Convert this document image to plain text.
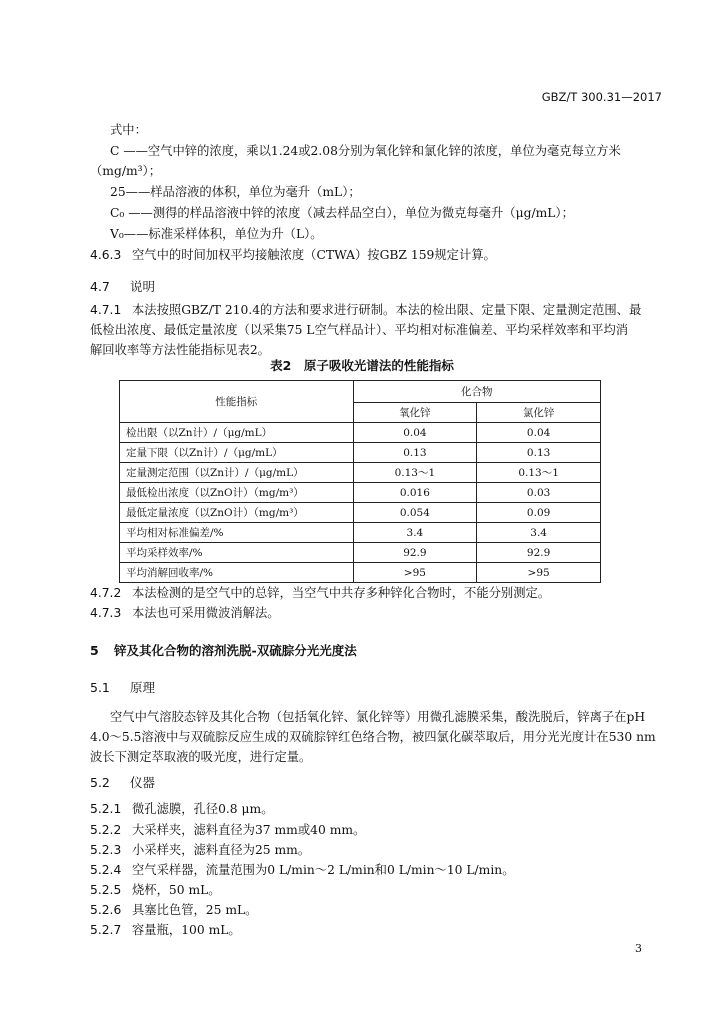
GBZ/T 300.31—2017
式中：
C ——空气中锌的浓度，乘以1.24或2.08分别为氧化锌和氯化锌的浓度，单位为毫克每立方米
（mg/m³）；
25——样品溶液的体积，单位为毫升（mL）；
C₀ ——测得的样品溶液中锌的浓度（减去样品空白），单位为微克每毫升（μg/mL）；
V₀——标准采样体积，单位为升（L）。
4.6.3 空气中的时间加权平均接触浓度（CTWA）按GBZ 159规定计算。
4.7 说明
4.7.1 本法按照GBZ/T 210.4的方法和要求进行研制。本法的检出限、定量下限、定量测定范围、最
低检出浓度、最低定量浓度（以采集75 L空气样品计）、平均相对标准偏差、平均采样效率和平均消
解回收率等方法性能指标见表2。
表2　原子吸收光谱法的性能指标
性能指标	化合物	
	氧化锌	氯化锌
检出限（以Zn计）/（μg/mL）	0.04	0.04
定量下限（以Zn计）/（μg/mL）	0.13	0.13
定量测定范围（以Zn计）/（μg/mL）	0.13～1	0.13～1
最低检出浓度（以ZnO计）（mg/m³）	0.016	0.03
最低定量浓度（以ZnO计）（mg/m³）	0.054	0.09
平均相对标准偏差/%	3.4	3.4
平均采样效率/%	92.9	92.9
平均消解回收率/%	>95	>95
4.7.2 本法检测的是空气中的总锌，当空气中共存多种锌化合物时，不能分别测定。
4.7.3 本法也可采用微波消解法。
5 锌及其化合物的溶剂洗脱-双硫腙分光光度法
5.1 原理
空气中气溶胶态锌及其化合物（包括氧化锌、氯化锌等）用微孔滤膜采集，酸洗脱后，锌离子在pH
4.0～5.5溶液中与双硫腙反应生成的双硫腙锌红色络合物，被四氯化碳萃取后，用分光光度计在530 nm
波长下测定萃取液的吸光度，进行定量。
5.2 仪器
5.2.1 微孔滤膜，孔径0.8 μm。
5.2.2 大采样夹，滤料直径为37 mm或40 mm。
5.2.3 小采样夹，滤料直径为25 mm。
5.2.4 空气采样器，流量范围为0 L/min～2 L/min和0 L/min～10 L/min。
5.2.5 烧杯，50 mL。
5.2.6 具塞比色管，25 mL。
5.2.7 容量瓶，100 mL。
3
